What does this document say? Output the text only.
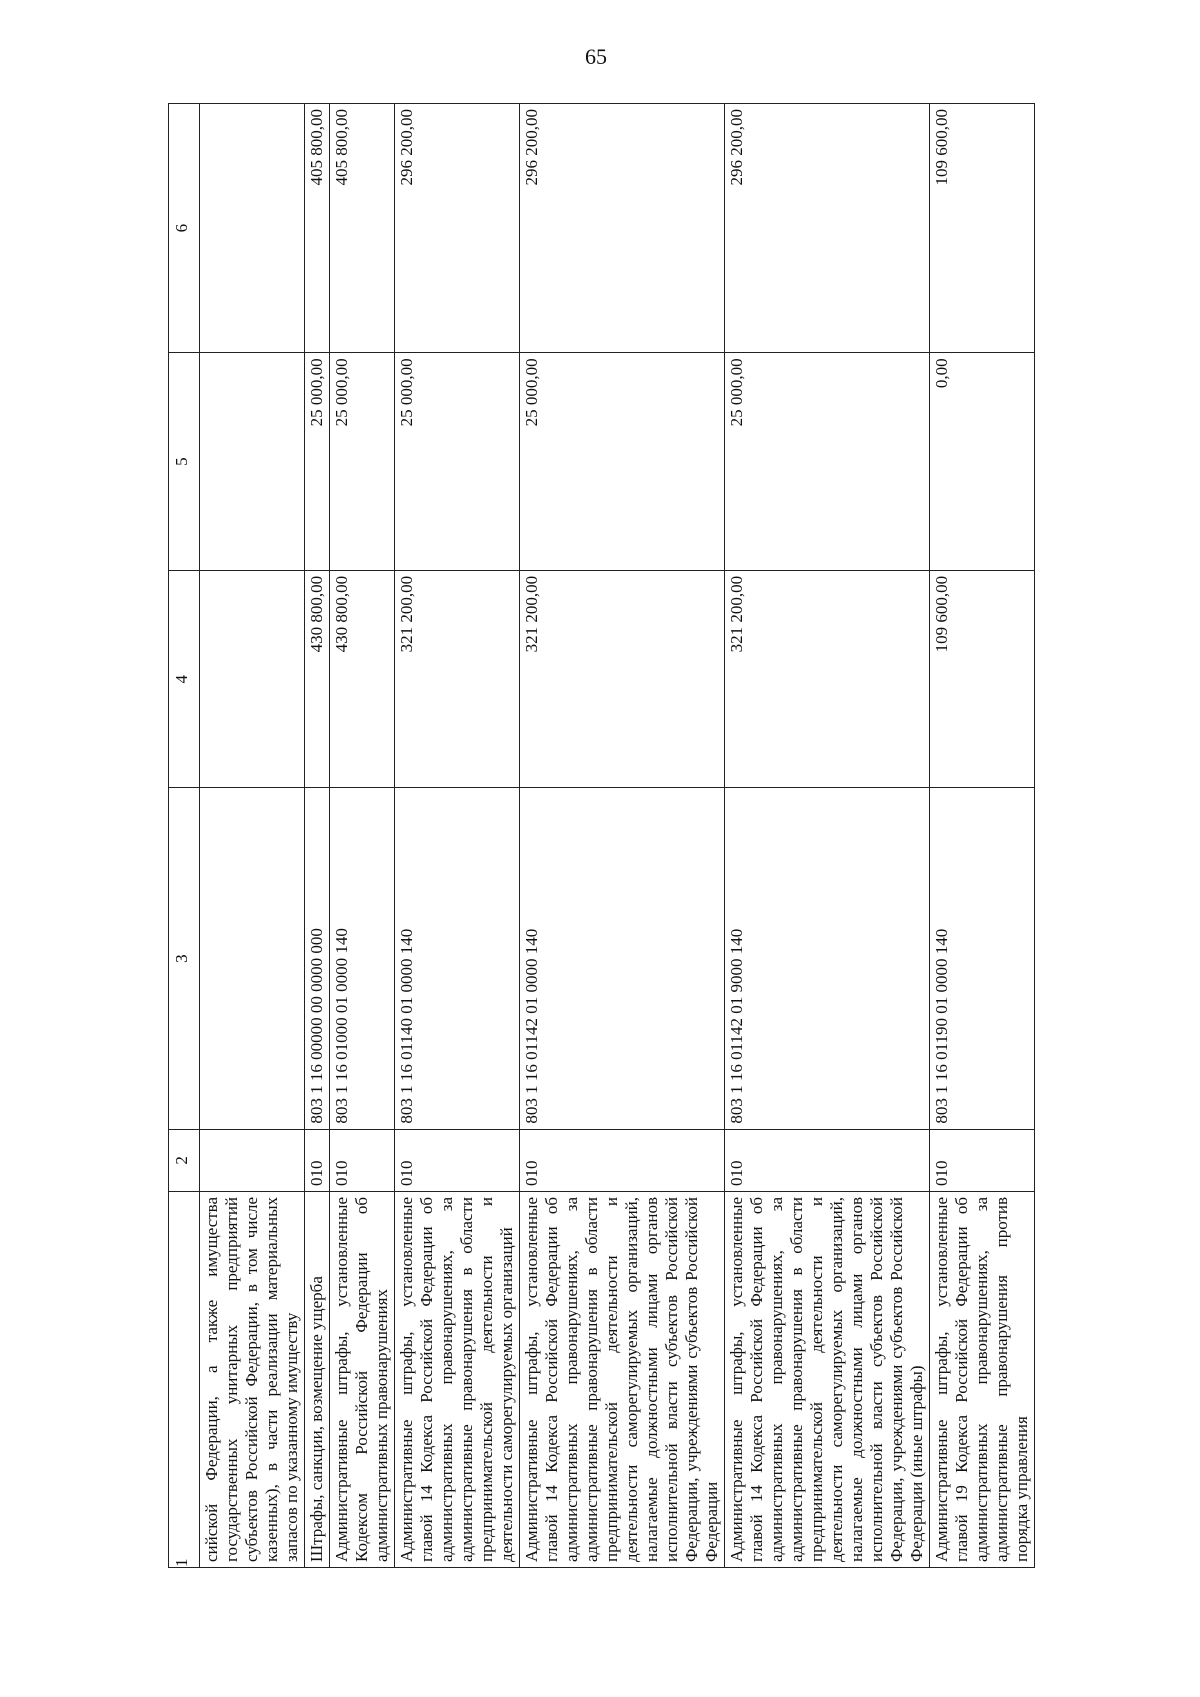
65
1	2	3	4	5	6
сийской Федерации, а также имущества государственных унитарных предприятий субъектов Российской Федерации, в том числе казенных), в части реализации материальных запасов по указанному имуществу					
Штрафы, санкции, возмещение ущерба	010	803 1 16 00000 00 0000 000	430 800,00	25 000,00	405 800,00
Административные штрафы, установленные Кодексом Российской Федерации об административных правонарушениях	010	803 1 16 01000 01 0000 140	430 800,00	25 000,00	405 800,00
Административные штрафы, установленные главой 14 Кодекса Российской Федерации об административных правонарушениях, за административные правонарушения в области предпринимательской деятельности и деятельности саморегулируемых организаций	010	803 1 16 01140 01 0000 140	321 200,00	25 000,00	296 200,00
Административные штрафы, установленные главой 14 Кодекса Российской Федерации об административных правонарушениях, за административные правонарушения в области предпринимательской деятельности и деятельности саморегулируемых организаций, налагаемые должностными лицами органов исполнительной власти субъектов Российской Федерации, учреждениями субъектов Российской Федерации	010	803 1 16 01142 01 0000 140	321 200,00	25 000,00	296 200,00
Административные штрафы, установленные главой 14 Кодекса Российской Федерации об административных правонарушениях, за административные правонарушения в области предпринимательской деятельности и деятельности саморегулируемых организаций, налагаемые должностными лицами органов исполнительной власти субъектов Российской Федерации, учреждениями субъектов Российской Федерации (иные штрафы)	010	803 1 16 01142 01 9000 140	321 200,00	25 000,00	296 200,00
Административные штрафы, установленные главой 19 Кодекса Российской Федерации об административных правонарушениях, за административные правонарушения против порядка управления	010	803 1 16 01190 01 0000 140	109 600,00	0,00	109 600,00
